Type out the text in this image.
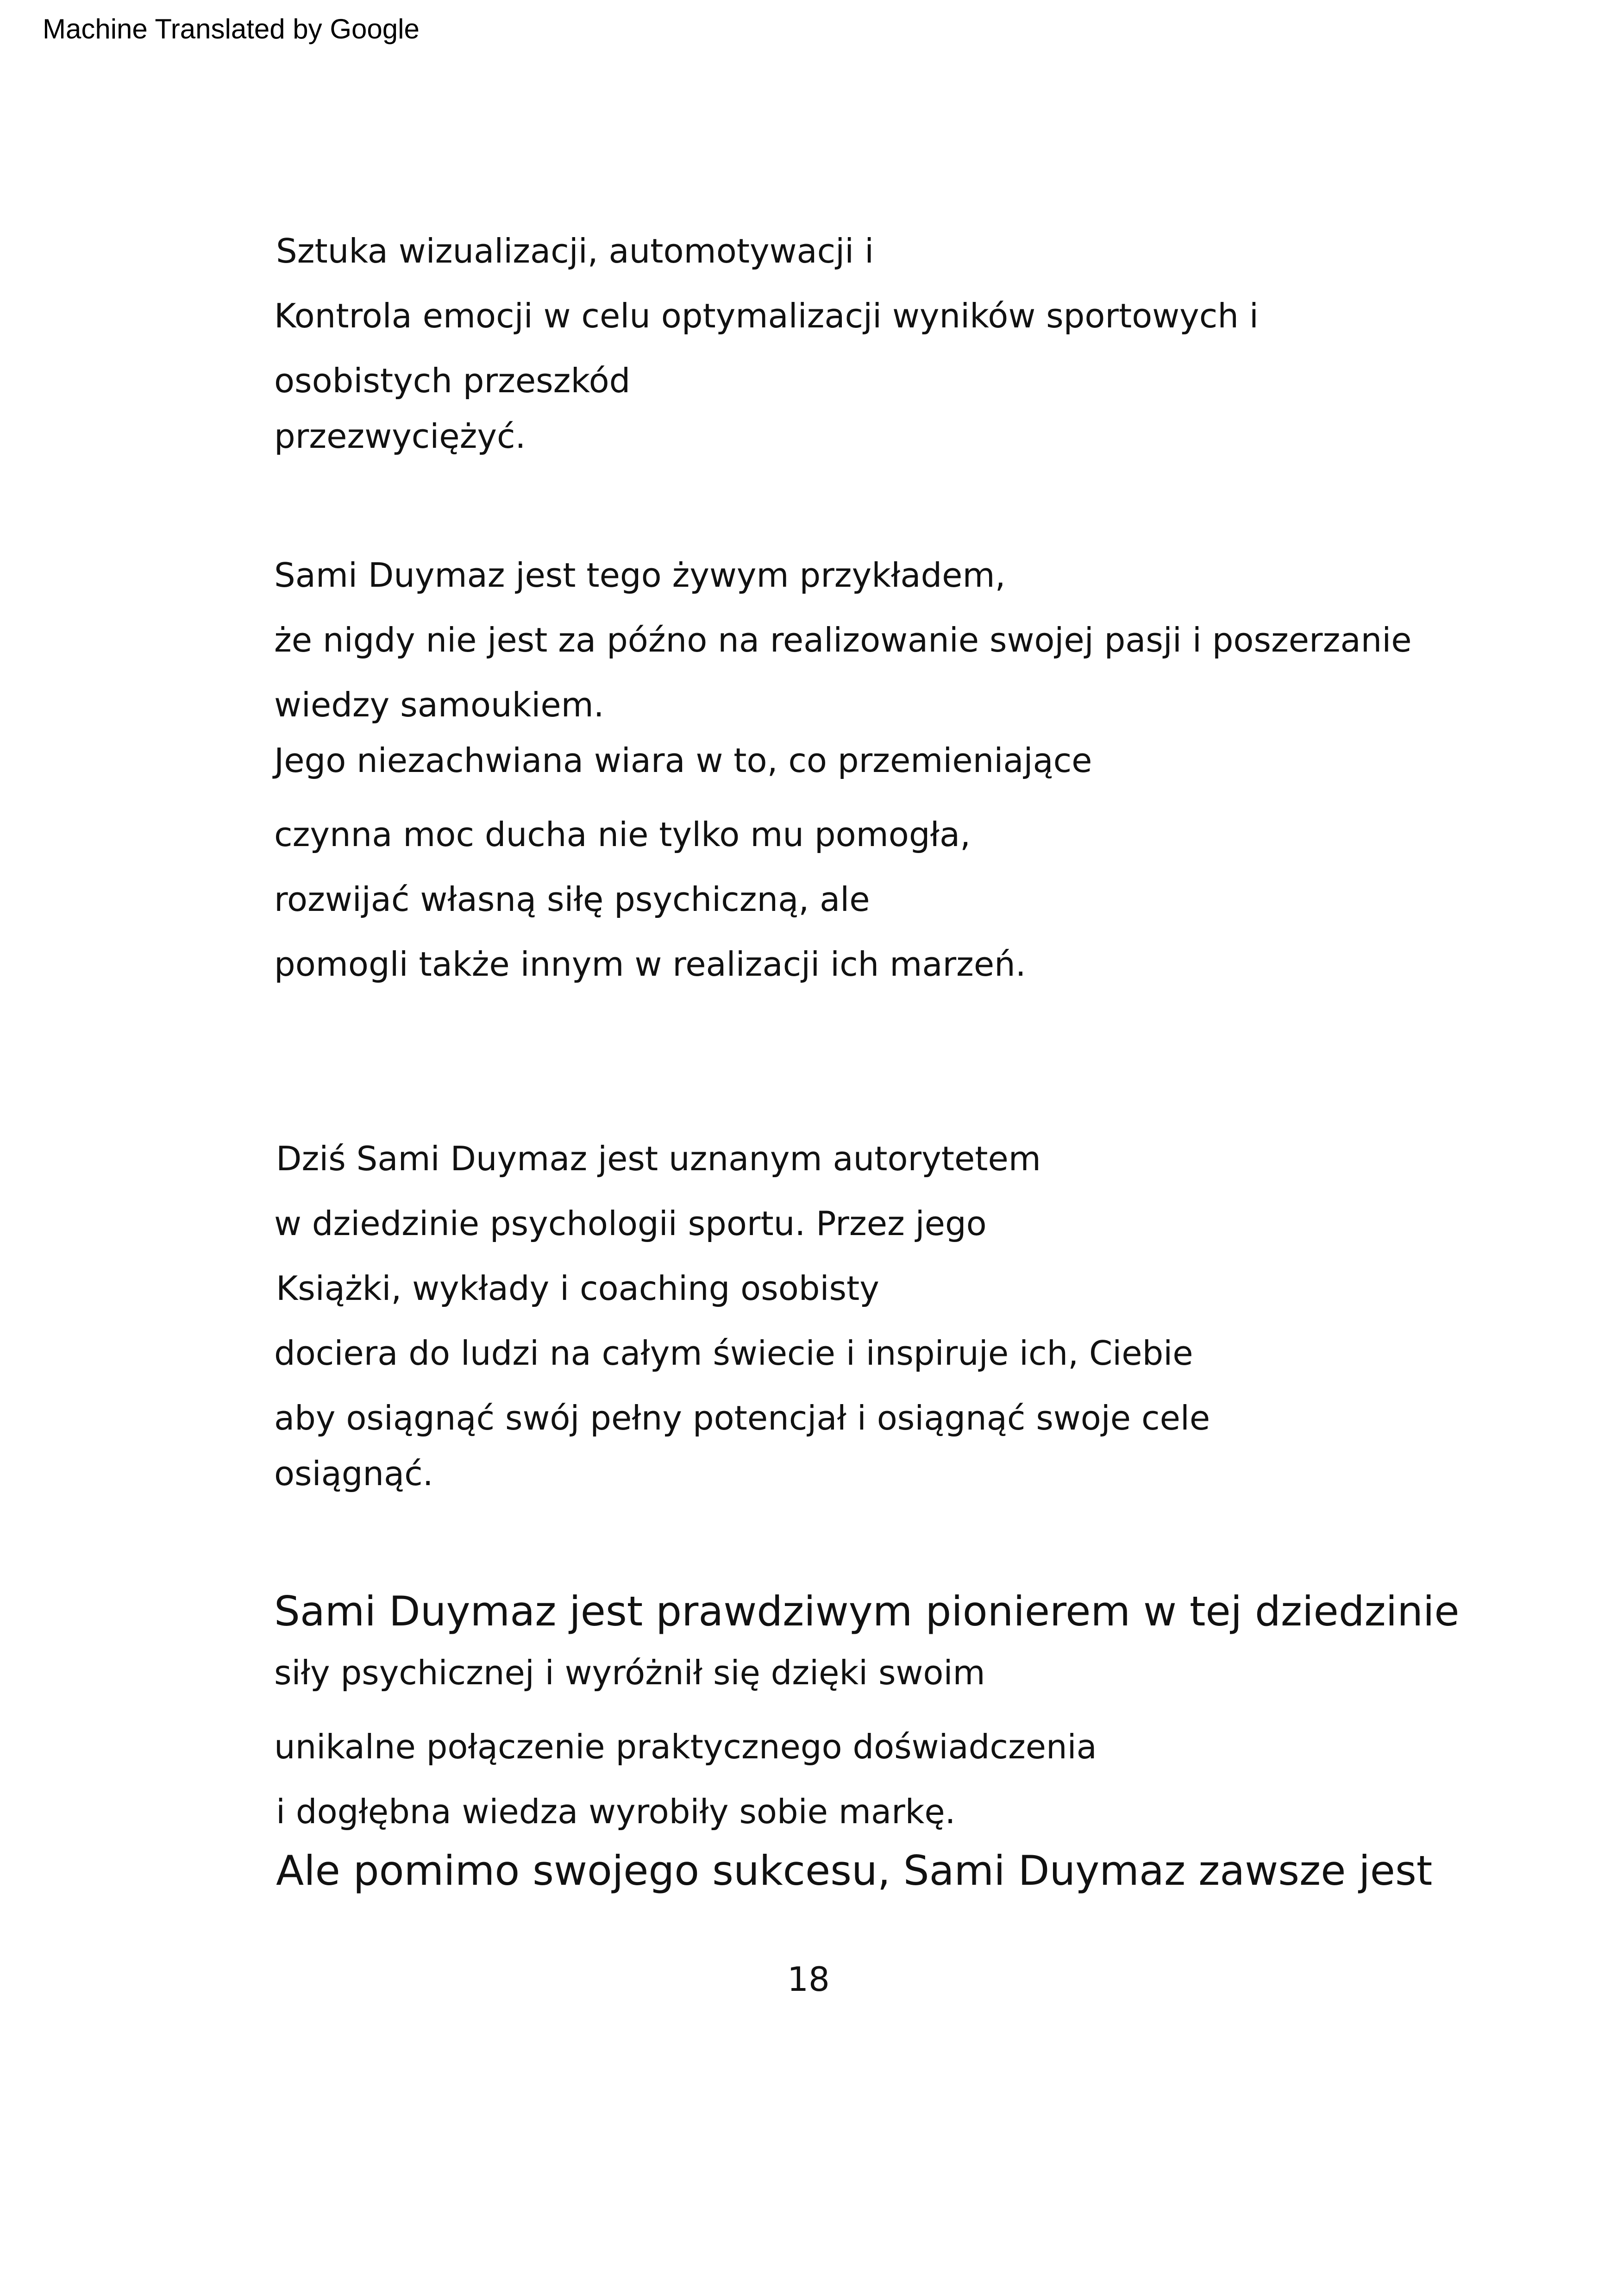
Machine Translated by Google
Sztuka wizualizacji, automotywacji i
Kontrola emocji w celu optymalizacji wyników sportowych i
osobistych przeszkód
przezwyciężyć.
Sami Duymaz jest tego żywym przykładem,
że nigdy nie jest za późno na realizowanie swojej pasji i poszerzanie
wiedzy samoukiem.
Jego niezachwiana wiara w to, co przemieniające
czynna moc ducha nie tylko mu pomogła,
rozwijać własną siłę psychiczną, ale
pomogli także innym w realizacji ich marzeń.
Dziś Sami Duymaz jest uznanym autorytetem
w dziedzinie psychologii sportu. Przez jego
Książki, wykłady i coaching osobisty
dociera do ludzi na całym świecie i inspiruje ich, Ciebie
aby osiągnąć swój pełny potencjał i osiągnąć swoje cele
osiągnąć.
Sami Duymaz jest prawdziwym pionierem w tej dziedzinie
siły psychicznej i wyróżnił się dzięki swoim
unikalne połączenie praktycznego doświadczenia
i dogłębna wiedza wyrobiły sobie markę.
Ale pomimo swojego sukcesu, Sami Duymaz zawsze jest
18
